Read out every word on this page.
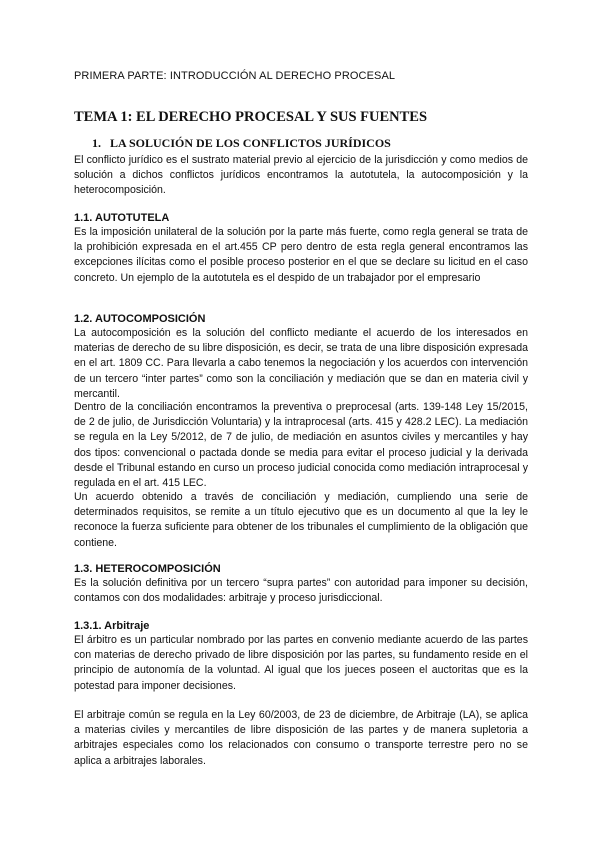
PRIMERA PARTE: INTRODUCCIÓN AL DERECHO PROCESAL
TEMA 1: EL DERECHO PROCESAL Y SUS FUENTES
1. LA SOLUCIÓN DE LOS CONFLICTOS JURÍDICOS
El conflicto jurídico es el sustrato material previo al ejercicio de la jurisdicción y como medios de solución a dichos conflictos jurídicos encontramos la autotutela, la autocomposición y la heterocomposición.
1.1. AUTOTUTELA
Es la imposición unilateral de la solución por la parte más fuerte, como regla general se trata de la prohibición expresada en el art.455 CP pero dentro de esta regla general encontramos las excepciones ilícitas como el posible proceso posterior en el que se declare su licitud en el caso concreto. Un ejemplo de la autotutela es el despido de un trabajador por el empresario
1.2. AUTOCOMPOSICIÓN
La autocomposición es la solución del conflicto mediante el acuerdo de los interesados en materias de derecho de su libre disposición, es decir, se trata de una libre disposición expresada en el art. 1809 CC. Para llevarla a cabo tenemos la negociación y los acuerdos con intervención de un tercero “inter partes” como son la conciliación y mediación que se dan en materia civil y mercantil.
Dentro de la conciliación encontramos la preventiva o preprocesal (arts. 139-148 Ley 15/2015, de 2 de julio, de Jurisdicción Voluntaria) y la intraprocesal (arts. 415 y 428.2 LEC). La mediación se regula en la Ley 5/2012, de 7 de julio, de mediación en asuntos civiles y mercantiles y hay dos tipos: convencional o pactada donde se media para evitar el proceso judicial y la derivada desde el Tribunal estando en curso un proceso judicial conocida como mediación intraprocesal y regulada en el art. 415 LEC.
Un acuerdo obtenido a través de conciliación y mediación, cumpliendo una serie de determinados requisitos, se remite a un título ejecutivo que es un documento al que la ley le reconoce la fuerza suficiente para obtener de los tribunales el cumplimiento de la obligación que contiene.
1.3. HETEROCOMPOSICIÓN
Es la solución definitiva por un tercero “supra partes” con autoridad para imponer su decisión, contamos con dos modalidades: arbitraje y proceso jurisdiccional.
1.3.1. Arbitraje
El árbitro es un particular nombrado por las partes en convenio mediante acuerdo de las partes con materias de derecho privado de libre disposición por las partes, su fundamento reside en el principio de autonomía de la voluntad. Al igual que los jueces poseen el auctoritas que es la potestad para imponer decisiones.
El arbitraje común se regula en la Ley 60/2003, de 23 de diciembre, de Arbitraje (LA), se aplica a materias civiles y mercantiles de libre disposición de las partes y de manera supletoria a arbitrajes especiales como los relacionados con consumo o transporte terrestre pero no se aplica a arbitrajes laborales.
